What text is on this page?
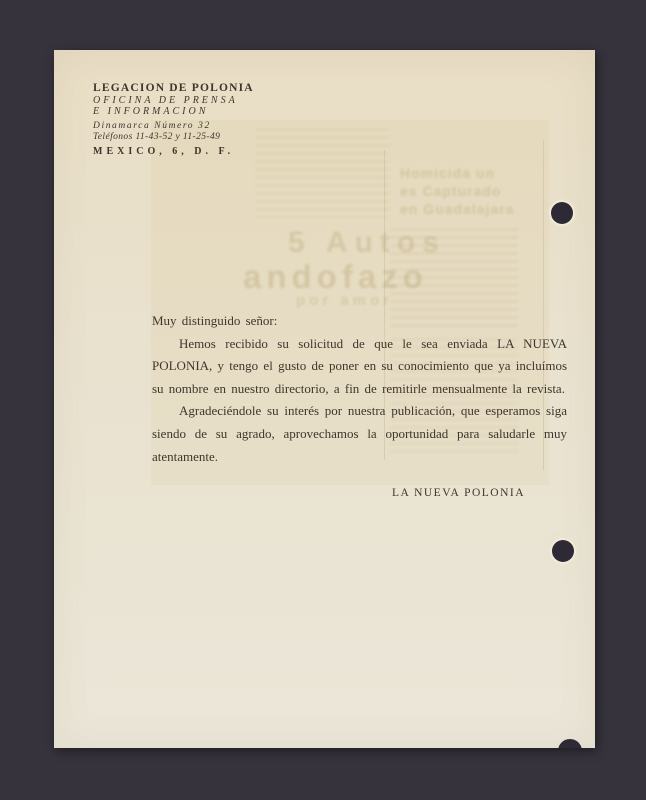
5 Autos
andofazo
por amor
Homicida un
es Capturado
en Guadalajara
LEGACION DE POLONIA
OFICINA DE PRENSA
E INFORMACION
Dinamarca Número 32
Teléfonos 11-43-52 y 11-25-49
MEXICO, 6, D. F.

Muy distinguido señor:

Hemos recibido su solicitud de que le sea enviada LA NUEVA POLONIA, y tengo el gusto de poner en su conocimiento que ya incluímos su nombre en nuestro directorio, a fin de remitirle mensualmente la revista.

Agradeciéndole su interés por nuestra publicación, que esperamos siga siendo de su agrado, aprovechamos la oportunidad para saludarle muy atentamente.

LA NUEVA POLONIA
